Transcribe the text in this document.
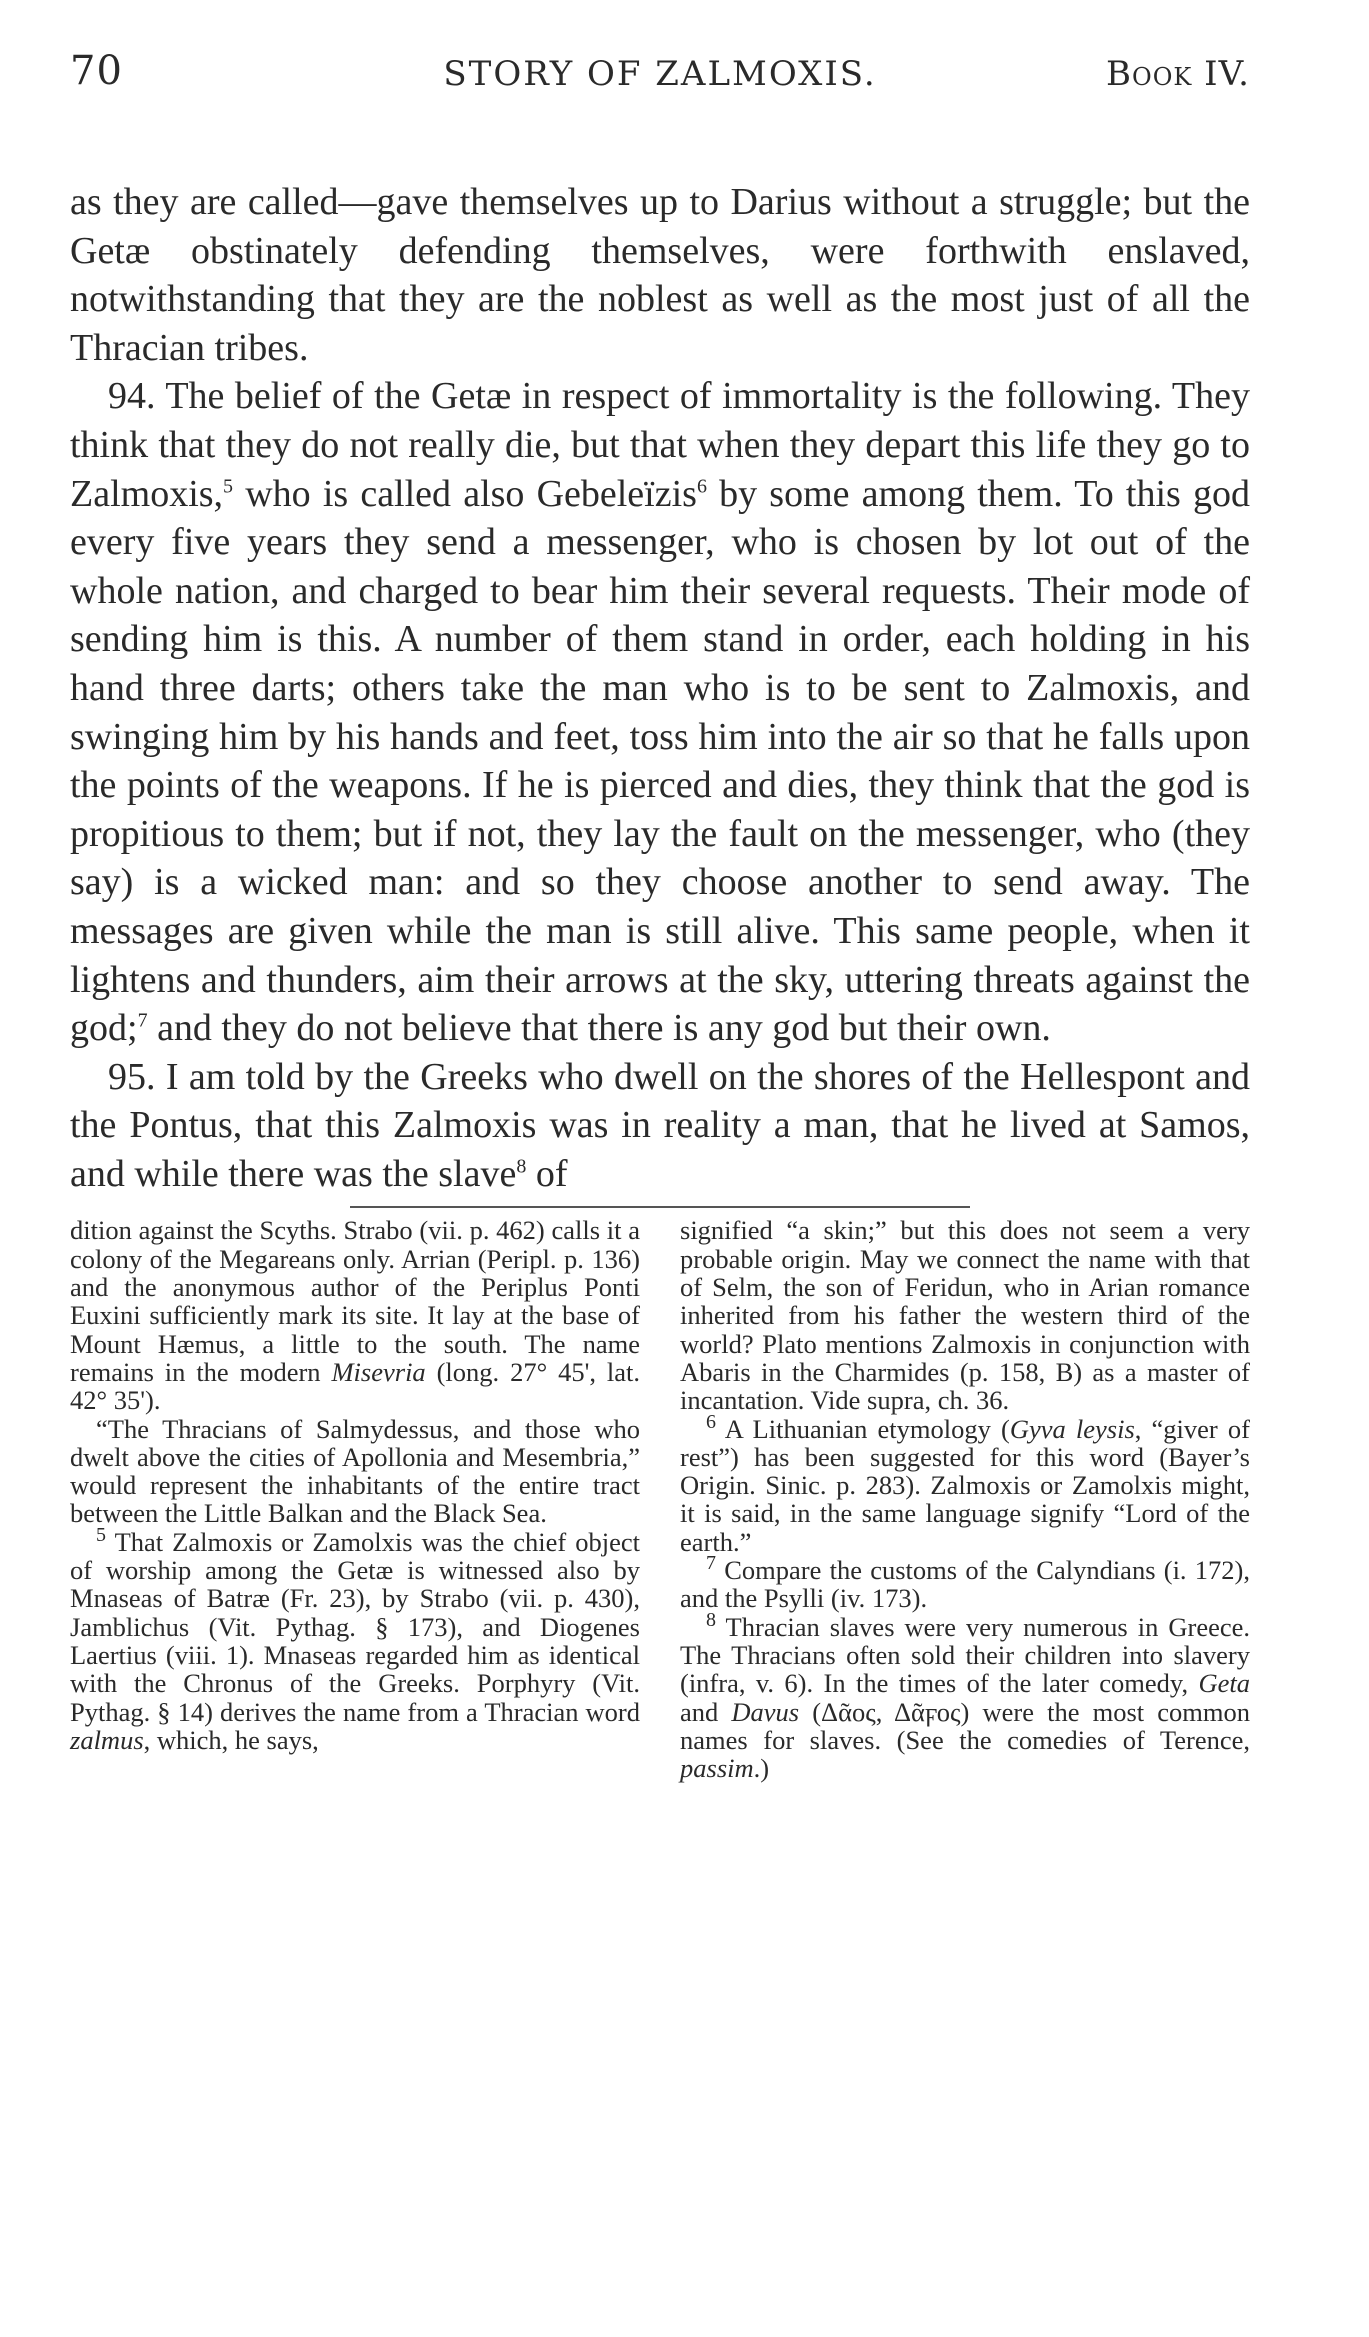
70	STORY OF ZALMOXIS.	Book IV.

as they are called—gave themselves up to Darius without a struggle; but the Getæ obstinately defending themselves, were forthwith enslaved, notwithstanding that they are the noblest as well as the most just of all the Thracian tribes.

94. The belief of the Getæ in respect of immortality is the following. They think that they do not really die, but that when they depart this life they go to Zalmoxis,$^5$ who is called also Gebeleïzis$^6$ by some among them. To this god every five years they send a messenger, who is chosen by lot out of the whole nation, and charged to bear him their several requests. Their mode of sending him is this. A number of them stand in order, each holding in his hand three darts; others take the man who is to be sent to Zalmoxis, and swinging him by his hands and feet, toss him into the air so that he falls upon the points of the weapons. If he is pierced and dies, they think that the god is propitious to them; but if not, they lay the fault on the messenger, who (they say) is a wicked man: and so they choose another to send away. The messages are given while the man is still alive. This same people, when it lightens and thunders, aim their arrows at the sky, uttering threats against the god;$^7$ and they do not believe that there is any god but their own.

95. I am told by the Greeks who dwell on the shores of the Hellespont and the Pontus, that this Zalmoxis was in reality a man, that he lived at Samos, and while there was the slave$^8$ of

dition against the Scyths. Strabo (vii. p. 462) calls it a colony of the Megareans only. Arrian (Peripl. p. 136) and the anonymous author of the Periplus Ponti Euxini sufficiently mark its site. It lay at the base of Mount Hæmus, a little to the south. The name remains in the modern Misevria (long. 27° 45', lat. 42° 35').

“The Thracians of Salmydessus, and those who dwelt above the cities of Apollonia and Mesembria,” would represent the inhabitants of the entire tract between the Little Balkan and the Black Sea.

$^5$ That Zalmoxis or Zamolxis was the chief object of worship among the Getæ is witnessed also by Mnaseas of Batræ (Fr. 23), by Strabo (vii. p. 430), Jamblichus (Vit. Pythag. § 173), and Diogenes Laertius (viii. 1). Mnaseas regarded him as identical with the Chronus of the Greeks. Porphyry (Vit. Pythag. § 14) derives the name from a Thracian word zalmus, which, he says,

signified “a skin;” but this does not seem a very probable origin. May we connect the name with that of Selm, the son of Feridun, who in Arian romance inherited from his father the western third of the world? Plato mentions Zalmoxis in conjunction with Abaris in the Charmides (p. 158, B) as a master of incantation. Vide supra, ch. 36.

$^6$ A Lithuanian etymology (Gyva leysis, “giver of rest”) has been suggested for this word (Bayer’s Origin. Sinic. p. 283). Zalmoxis or Zamolxis might, it is said, in the same language signify “Lord of the earth.”

$^7$ Compare the customs of the Calyndians (i. 172), and the Psylli (iv. 173).

$^8$ Thracian slaves were very numerous in Greece. The Thracians often sold their children into slavery (infra, v. 6). In the times of the later comedy, Geta and Davus (Δᾶος, Δᾶϝος) were the most common names for slaves. (See the comedies of Terence, passim.)
